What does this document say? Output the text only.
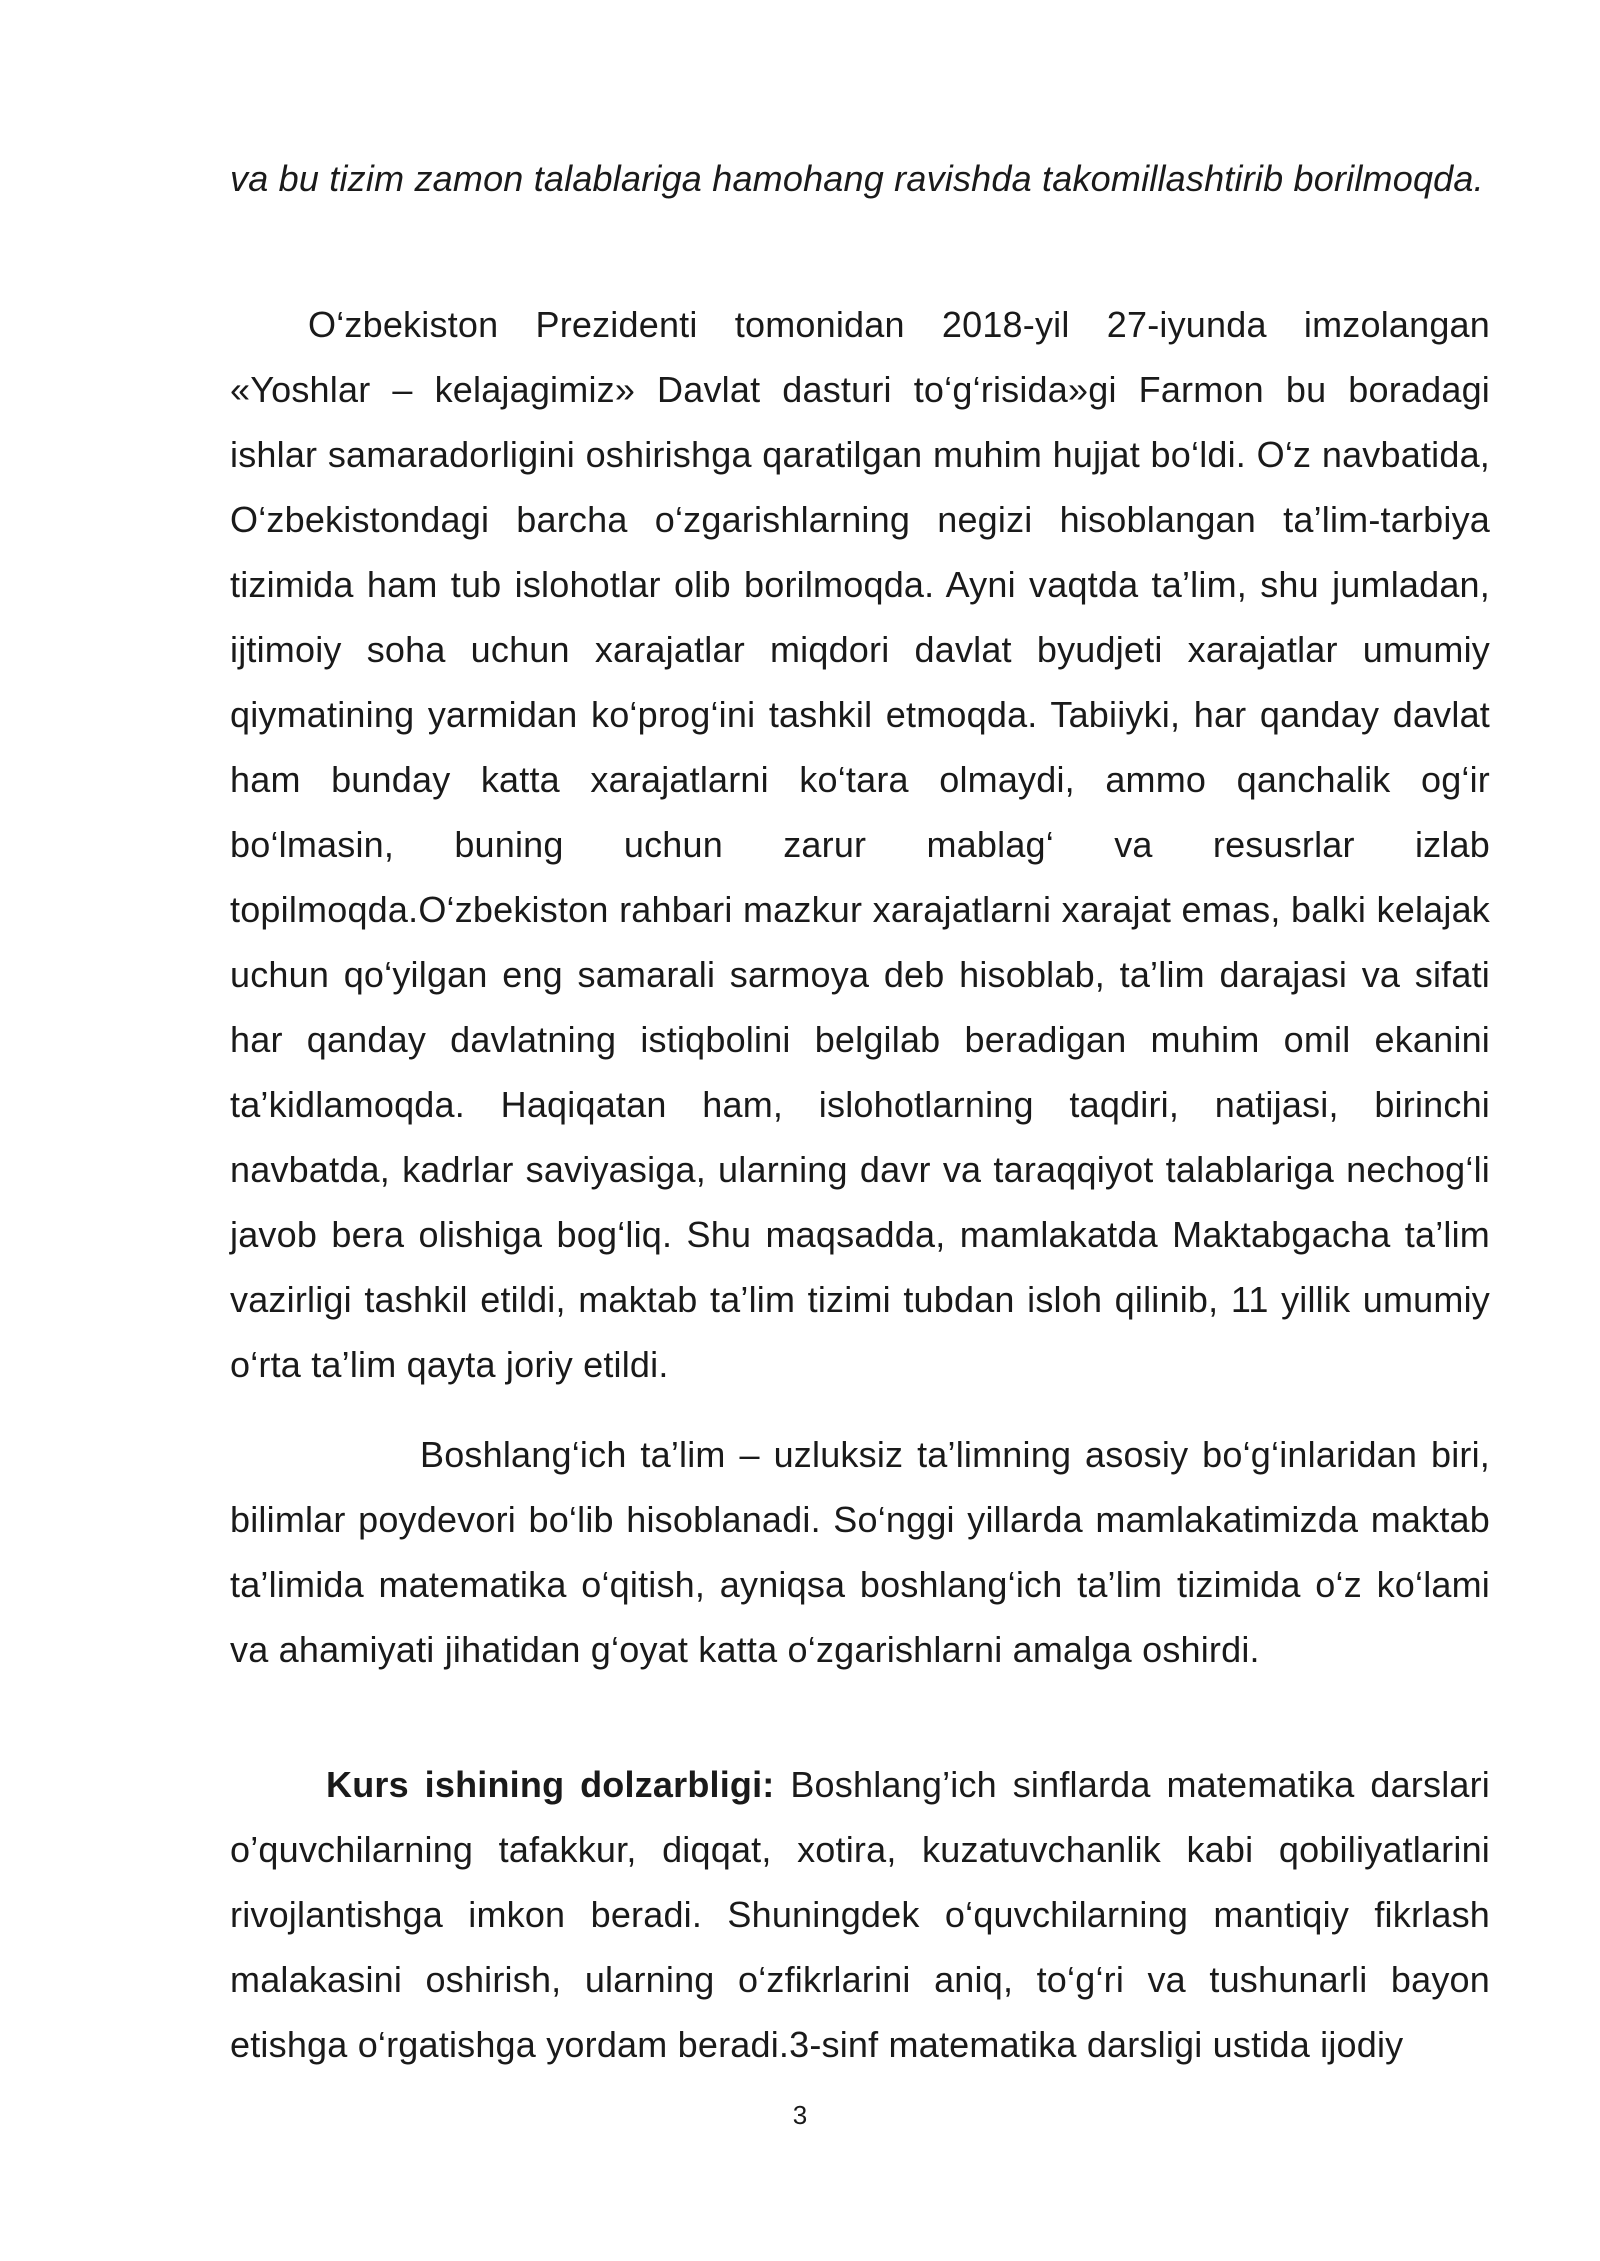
va bu tizim zamon talablariga hamohang ravishda takomillashtirib borilmoqda.

O‘zbekiston Prezidenti tomonidan 2018-yil 27-iyunda imzolangan «Yoshlar – kelajagimiz» Davlat dasturi to‘g‘risida»gi Farmon bu boradagi ishlar samaradorligini oshirishga qaratilgan muhim hujjat bo‘ldi. O‘z navbatida, O‘zbekistondagi barcha o‘zgarishlarning negizi hisoblangan ta’lim-tarbiya tizimida ham tub islohotlar olib borilmoqda. Ayni vaqtda ta’lim, shu jumladan, ijtimoiy soha uchun xarajatlar miqdori davlat byudjeti xarajatlar umumiy qiymatining yarmidan ko‘prog‘ini tashkil etmoqda. Tabiiyki, har qanday davlat ham bunday katta xarajatlarni ko‘tara olmaydi, ammo qanchalik og‘ir bo‘lmasin, buning uchun zarur mablag‘ va resusrlar izlab topilmoqda.O‘zbekiston rahbari mazkur xarajatlarni xarajat emas, balki kelajak uchun qo‘yilgan eng samarali sarmoya deb hisoblab, ta’lim darajasi va sifati har qanday davlatning istiqbolini belgilab beradigan muhim omil ekanini ta’kidlamoqda. Haqiqatan ham, islohotlarning taqdiri, natijasi, birinchi navbatda, kadrlar saviyasiga, ularning davr va taraqqiyot talablariga nechog‘li javob bera olishiga bog‘liq. Shu maqsadda, mamlakatda Maktabgacha ta’lim vazirligi tashkil etildi, maktab ta’lim tizimi tubdan isloh qilinib, 11 yillik umumiy o‘rta ta’lim qayta joriy etildi.

Boshlang‘ich ta’lim – uzluksiz ta’limning asosiy bo‘g‘inlaridan biri, bilimlar poydevori bo‘lib hisoblanadi. So‘nggi yillarda mamlakatimizda maktab ta’limida matematika o‘qitish, ayniqsa boshlang‘ich ta’lim tizimida o‘z ko‘lami va ahamiyati jihatidan g‘oyat katta o‘zgarishlarni amalga oshirdi.

Kurs ishining dolzarbligi: Boshlang’ich sinflarda matematika darslari o’quvchilarning tafakkur, diqqat, xotira, kuzatuvchanlik kabi qobiliyatlarini rivojlantishga imkon beradi. Shuningdek o‘quvchilarning mantiqiy fikrlash malakasini oshirish, ularning o‘zfikrlarini aniq, to‘g‘ri va tushunarli bayon etishga o‘rgatishga yordam beradi.3-sinf matematika darsligi ustida ijodiy

3
